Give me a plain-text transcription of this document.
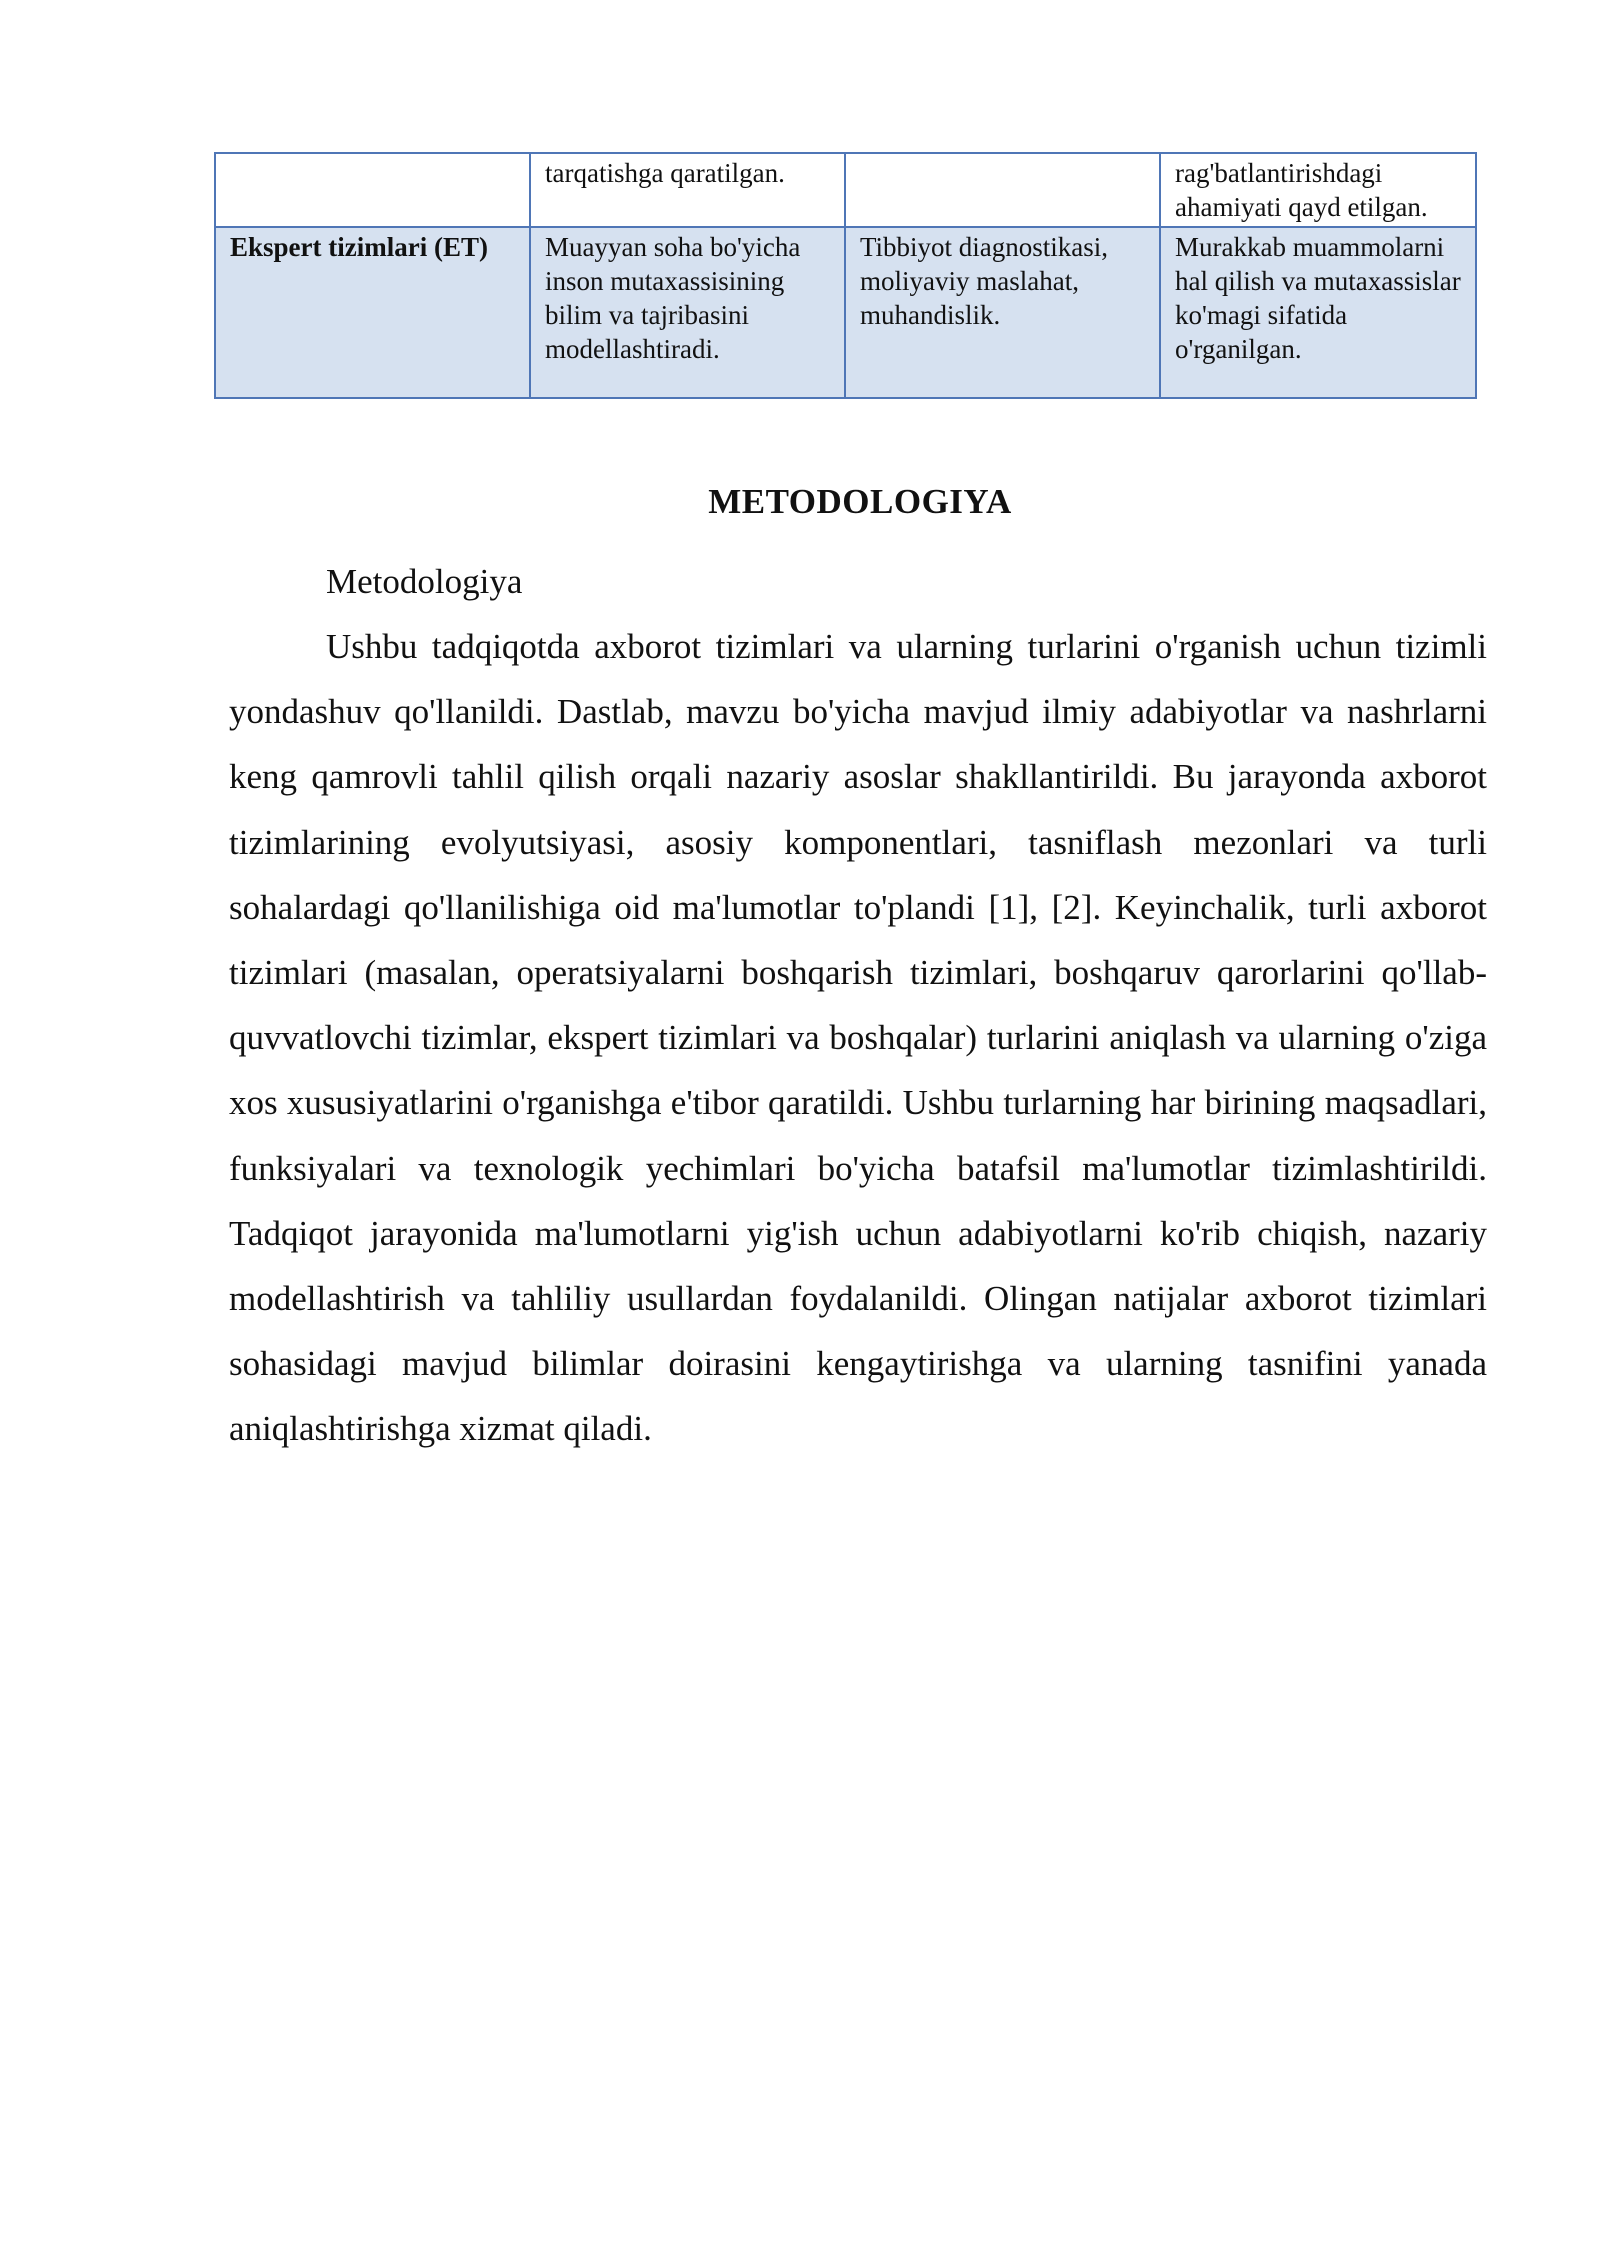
	tarqatishga qaratilgan.		rag'batlantirishdagi ahamiyati qayd etilgan.
Ekspert tizimlari (ET)	Muayyan soha bo'yicha inson mutaxassisining bilim va tajribasini modellashtiradi.	Tibbiyot diagnostikasi, moliyaviy maslahat, muhandislik.	Murakkab muammolarni hal qilish va mutaxassislar ko'magi sifatida o'rganilgan.
METODOLOGIYA
Metodologiya

Ushbu tadqiqotda axborot tizimlari va ularning turlarini o'rganish uchun tizimli yondashuv qo'llanildi. Dastlab, mavzu bo'yicha mavjud ilmiy adabiyotlar va nashrlarni keng qamrovli tahlil qilish orqali nazariy asoslar shakllantirildi. Bu jarayonda axborot tizimlarining evolyutsiyasi, asosiy komponentlari, tasniflash mezonlari va turli sohalardagi qo'llanilishiga oid ma'lumotlar to'plandi [1], [2]. Keyinchalik, turli axborot tizimlari (masalan, operatsiyalarni boshqarish tizimlari, boshqaruv qarorlarini qo'llab-quvvatlovchi tizimlar, ekspert tizimlari va boshqalar) turlarini aniqlash va ularning o'ziga xos xususiyatlarini o'rganishga e'tibor qaratildi. Ushbu turlarning har birining maqsadlari, funksiyalari va texnologik yechimlari bo'yicha batafsil ma'lumotlar tizimlashtirildi. Tadqiqot jarayonida ma'lumotlarni yig'ish uchun adabiyotlarni ko'rib chiqish, nazariy modellashtirish va tahliliy usullardan foydalanildi. Olingan natijalar axborot tizimlari sohasidagi mavjud bilimlar doirasini kengaytirishga va ularning tasnifini yanada aniqlashtirishga xizmat qiladi.
